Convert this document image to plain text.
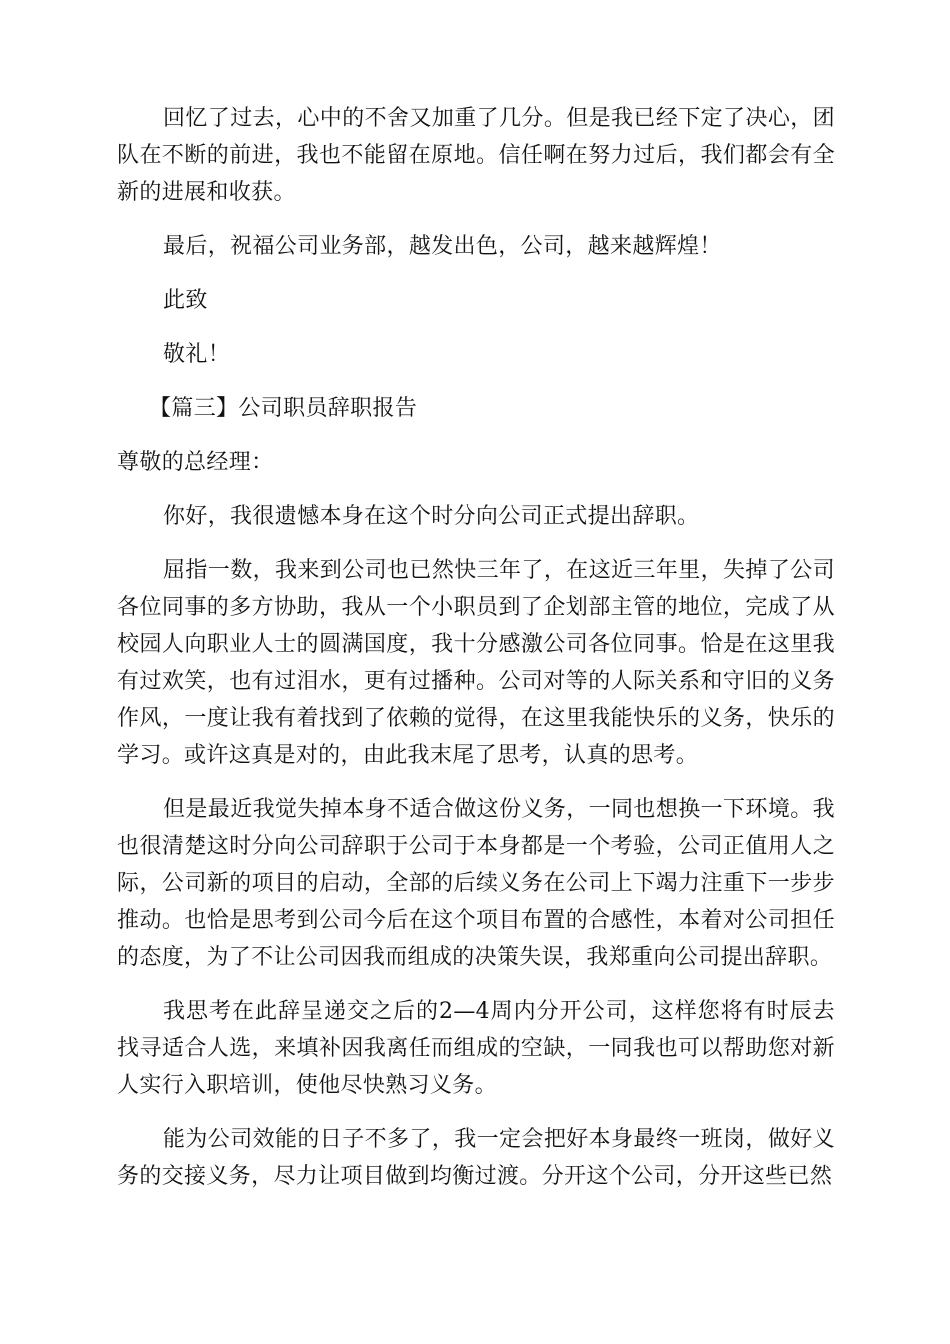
回忆了过去，心中的不舍又加重了几分。但是我已经下定了决心，团队在不断的前进，我也不能留在原地。信任啊在努力过后，我们都会有全新的进展和收获。

最后，祝福公司业务部，越发出色，公司，越来越辉煌！

此致

敬礼！

【篇三】公司职员辞职报告

尊敬的总经理：

你好，我很遗憾本身在这个时分向公司正式提出辞职。

屈指一数，我来到公司也已然快三年了，在这近三年里，失掉了公司各位同事的多方协助，我从一个小职员到了企划部主管的地位，完成了从校园人向职业人士的圆满国度，我十分感激公司各位同事。恰是在这里我有过欢笑，也有过泪水，更有过播种。公司对等的人际关系和守旧的义务作风，一度让我有着找到了依赖的觉得，在这里我能快乐的义务，快乐的学习。或许这真是对的，由此我末尾了思考，认真的思考。

但是最近我觉失掉本身不适合做这份义务，一同也想换一下环境。我也很清楚这时分向公司辞职于公司于本身都是一个考验，公司正值用人之际，公司新的项目的启动，全部的后续义务在公司上下竭力注重下一步步推动。也恰是思考到公司今后在这个项目布置的合感性，本着对公司担任的态度，为了不让公司因我而组成的决策失误，我郑重向公司提出辞职。

我思考在此辞呈递交之后的2—4周内分开公司，这样您将有时辰去找寻适合人选，来填补因我离任而组成的空缺，一同我也可以帮助您对新人实行入职培训，使他尽快熟习义务。

能为公司效能的日子不多了，我一定会把好本身最终一班岗，做好义务的交接义务，尽力让项目做到均衡过渡。分开这个公司，分开这些已然
